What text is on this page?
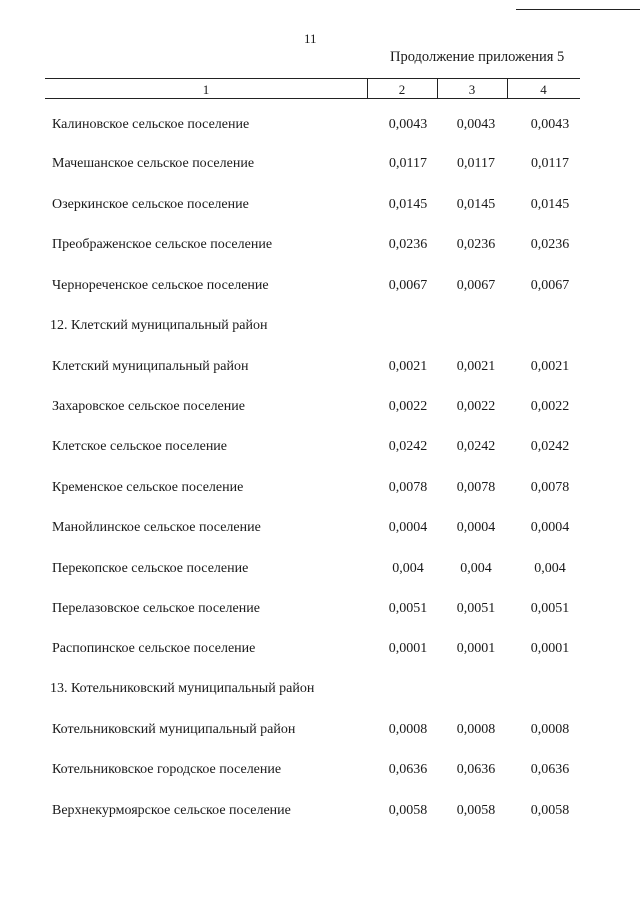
11
Продолжение приложения 5
1	2	3	4
Калиновское сельское поселение	0,0043	0,0043	0,0043
Мачешанское сельское поселение	0,0117	0,0117	0,0117
Озеркинское сельское поселение	0,0145	0,0145	0,0145
Преображенское сельское поселение	0,0236	0,0236	0,0236
Чернореченское сельское поселение	0,0067	0,0067	0,0067
12. Клетский муниципальный район
Клетский муниципальный район	0,0021	0,0021	0,0021
Захаровское сельское поселение	0,0022	0,0022	0,0022
Клетское сельское поселение	0,0242	0,0242	0,0242
Кременское сельское поселение	0,0078	0,0078	0,0078
Манойлинское сельское поселение	0,0004	0,0004	0,0004
Перекопское сельское поселение	0,004	0,004	0,004
Перелазовское сельское поселение	0,0051	0,0051	0,0051
Распопинское сельское поселение	0,0001	0,0001	0,0001
13. Котельниковский муниципальный район
Котельниковский муниципальный район	0,0008	0,0008	0,0008
Котельниковское городское поселение	0,0636	0,0636	0,0636
Верхнекурмоярское сельское поселение	0,0058	0,0058	0,0058
